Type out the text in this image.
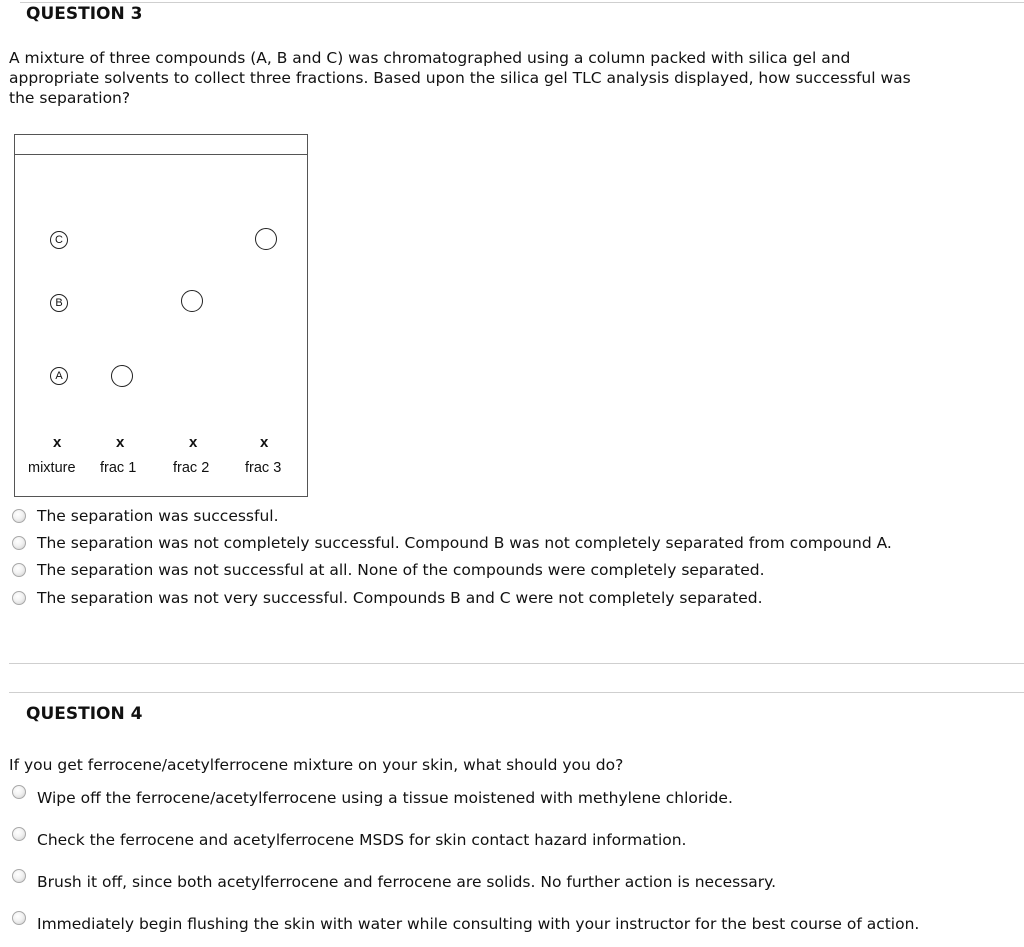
QUESTION 3
A mixture of three compounds (A, B and C) was chromatographed using a column packed with silica gel and
appropriate solvents to collect three fractions. Based upon the silica gel TLC analysis displayed, how successful was
the separation?
C
B
A
x	x	x	x
mixture frac 1	frac 2 frac 3
The separation was successful.
The separation was not completely successful. Compound B was not completely separated from compound A.
The separation was not successful at all. None of the compounds were completely separated.
The separation was not very successful. Compounds B and C were not completely separated.
QUESTION 4
If you get ferrocene/acetylferrocene mixture on your skin, what should you do?
Wipe off the ferrocene/acetylferrocene using a tissue moistened with methylene chloride.
Check the ferrocene and acetylferrocene MSDS for skin contact hazard information.
Brush it off, since both acetylferrocene and ferrocene are solids. No further action is necessary.
Immediately begin flushing the skin with water while consulting with your instructor for the best course of action.
